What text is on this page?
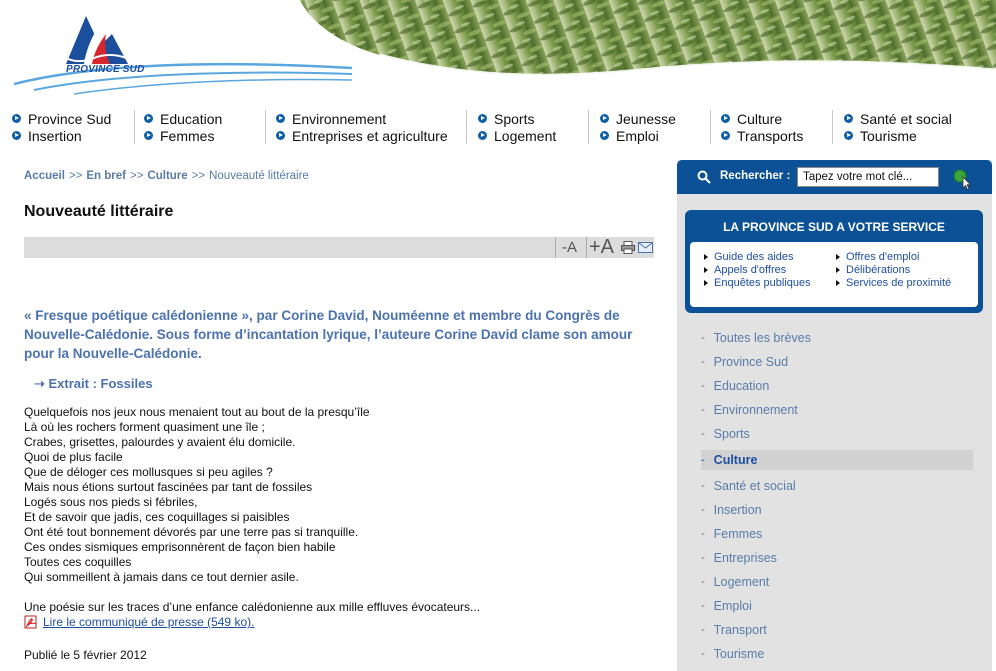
PROVINCE SUD
Province Sud
Insertion
Education
Femmes
Environnement
Entreprises et agriculture
Sports
Logement
Jeunesse
Emploi
Culture
Transports
Santé et social
Tourisme
Accueil >> En bref >> Culture >> Nouveauté littéraire
Nouveauté littéraire
-A +A
« Fresque poétique calédonienne », par Corine David, Nouméenne et membre du Congrès de Nouvelle-Calédonie. Sous forme d’incantation lyrique, l’auteure Corine David clame son amour pour la Nouvelle-Calédonie.
➝ Extrait : Fossiles
Quelquefois nos jeux nous menaient tout au bout de la presqu’île
Là où les rochers forment quasiment une île ;
Crabes, grisettes, palourdes y avaient élu domicile.
Quoi de plus facile
Que de déloger ces mollusques si peu agiles ?
Mais nous étions surtout fascinées par tant de fossiles
Logés sous nos pieds si fébriles,
Et de savoir que jadis, ces coquillages si paisibles
Ont été tout bonnement dévorés par une terre pas si tranquille.
Ces ondes sismiques emprisonnèrent de façon bien habile
Toutes ces coquilles
Qui sommeillent à jamais dans ce tout dernier asile.
Une poésie sur les traces d’une enfance calédonienne aux mille effluves évocateurs...
Lire le communiqué de presse (549 ko).
Publié le 5 février 2012
Rechercher :
Tapez votre mot clé...
LA PROVINCE SUD A VOTRE SERVICE
Guide des aides
Appels d'offres
Enquêtes publiques
Offres d'emploi
Délibérations
Services de proximité
- Toutes les brèves
- Province Sud
- Education
- Environnement
- Sports
- Culture
- Santé et social
- Insertion
- Femmes
- Entreprises
- Logement
- Emploi
- Transport
- Tourisme
